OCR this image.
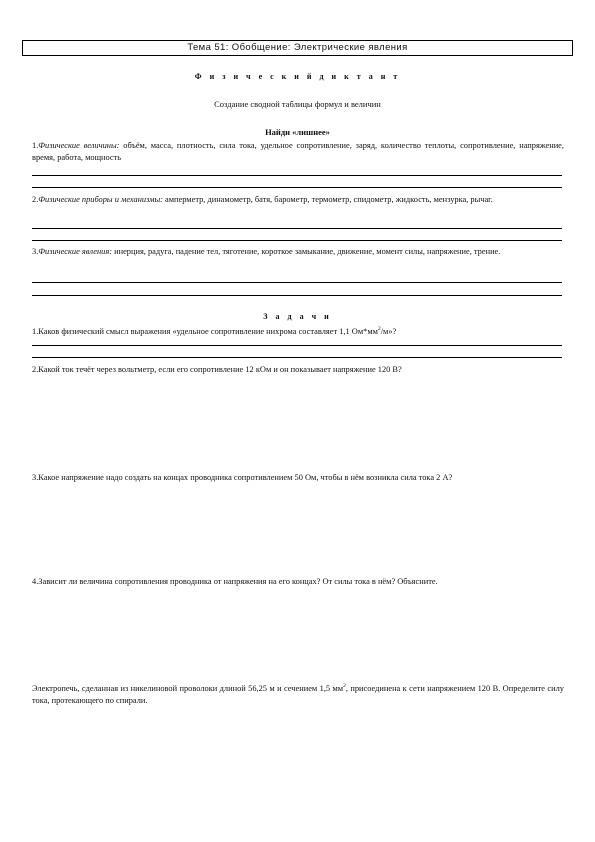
Тема 51: Обобщение: Электрические явления
Ф и з и ч е с к и й д и к т а н т
Создание сводной таблицы формул и величин
Найди «лишнее»
1.Физические величины: объём, масса, плотность, сила тока, удельное сопротивление, заряд, количество теплоты, сопротивление, напряжение, время, работа, мощность
2.Физические приборы и механизмы: амперметр, динамометр, батя, барометр, термометр, спидометр, жидкость, мензурка, рычаг.
3.Физические явления: инерция, радуга, падение тел, тяготение, короткое замыкание, движение, момент силы, напряжение, трение.
З а д а ч и
1.Каков физический смысл выражения «удельное сопротивление нихрома составляет 1,1 $Ом*мм^2/м$»?
2.Какой ток течёт через вольтметр, если его сопротивление 12 кОм и он показывает напряжение 120 В?
3.Какое напряжение надо создать на концах проводника сопротивлением 50 Ом, чтобы в нём возникла сила тока 2 А?
4.Зависит ли величина сопротивления проводника от напряжения на его концах? От силы тока в нём? Объясните.
Электропечь, сделанная из никелиновой проволоки длиной 56,25 м и сечением 1,5 $мм^2$, присоединена к сети напряжением 120 В. Определите силу тока, протекающего по спирали.
